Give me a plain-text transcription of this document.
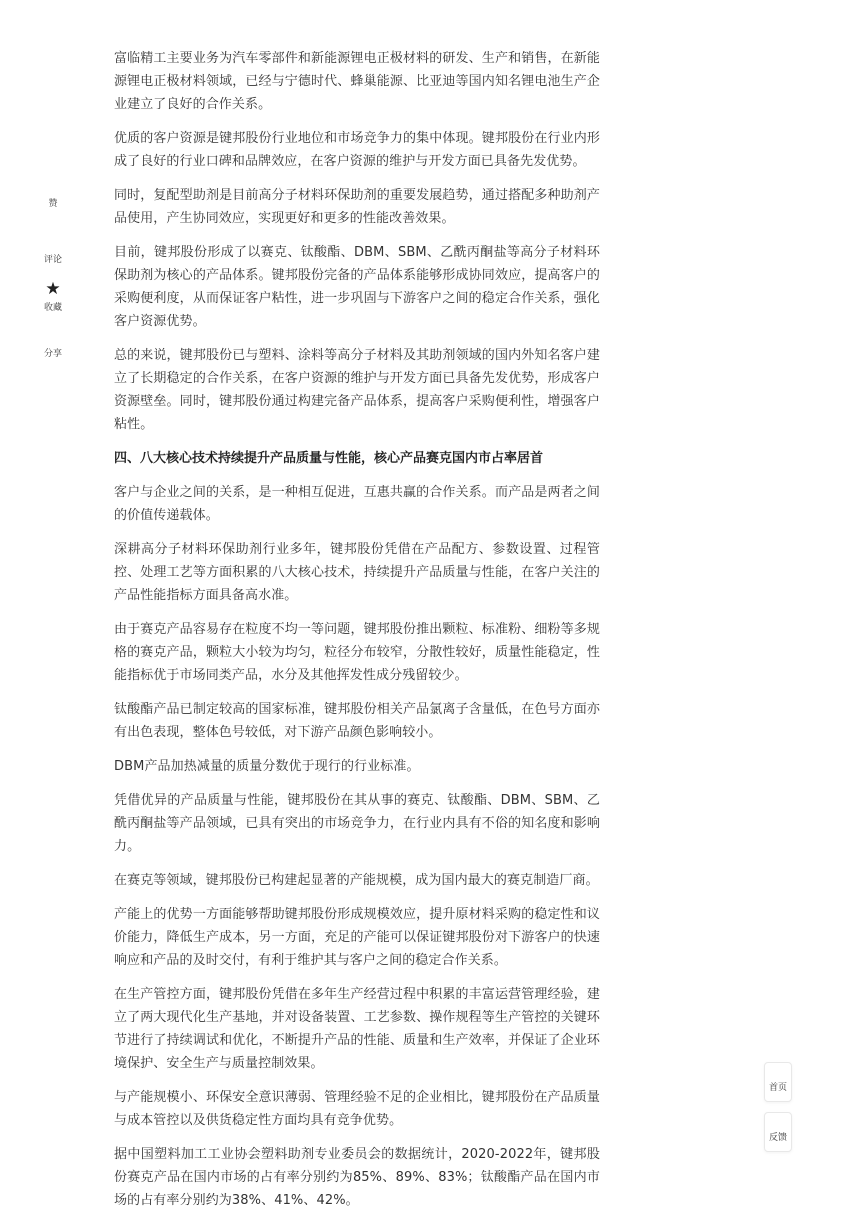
赞
评论
★
收藏
分享

富临精工主要业务为汽车零部件和新能源锂电正极材料的研发、生产和销售，在新能源锂电正极材料领域，已经与宁德时代、蜂巢能源、比亚迪等国内知名锂电池生产企业建立了良好的合作关系。

优质的客户资源是键邦股份行业地位和市场竞争力的集中体现。键邦股份在行业内形成了良好的行业口碑和品牌效应，在客户资源的维护与开发方面已具备先发优势。

同时，复配型助剂是目前高分子材料环保助剂的重要发展趋势，通过搭配多种助剂产品使用，产生协同效应，实现更好和更多的性能改善效果。

目前，键邦股份形成了以赛克、钛酸酯、DBM、SBM、乙酰丙酮盐等高分子材料环保助剂为核心的产品体系。键邦股份完备的产品体系能够形成协同效应，提高客户的采购便利度，从而保证客户粘性，进一步巩固与下游客户之间的稳定合作关系，强化客户资源优势。

总的来说，键邦股份已与塑料、涂料等高分子材料及其助剂领域的国内外知名客户建立了长期稳定的合作关系，在客户资源的维护与开发方面已具备先发优势，形成客户资源壁垒。同时，键邦股份通过构建完备产品体系，提高客户采购便利性，增强客户粘性。

四、八大核心技术持续提升产品质量与性能，核心产品赛克国内市占率居首

客户与企业之间的关系，是一种相互促进，互惠共赢的合作关系。而产品是两者之间的价值传递载体。

深耕高分子材料环保助剂行业多年，键邦股份凭借在产品配方、参数设置、过程管控、处理工艺等方面积累的八大核心技术，持续提升产品质量与性能，在客户关注的产品性能指标方面具备高水准。

由于赛克产品容易存在粒度不均一等问题，键邦股份推出颗粒、标准粉、细粉等多规格的赛克产品，颗粒大小较为均匀，粒径分布较窄，分散性较好，质量性能稳定，性能指标优于市场同类产品，水分及其他挥发性成分残留较少。

钛酸酯产品已制定较高的国家标准，键邦股份相关产品氯离子含量低，在色号方面亦有出色表现，整体色号较低，对下游产品颜色影响较小。

DBM产品加热减量的质量分数优于现行的行业标准。

凭借优异的产品质量与性能，键邦股份在其从事的赛克、钛酸酯、DBM、SBM、乙酰丙酮盐等产品领域，已具有突出的市场竞争力，在行业内具有不俗的知名度和影响力。

在赛克等领域，键邦股份已构建起显著的产能规模，成为国内最大的赛克制造厂商。

产能上的优势一方面能够帮助键邦股份形成规模效应，提升原材料采购的稳定性和议价能力，降低生产成本，另一方面，充足的产能可以保证键邦股份对下游客户的快速响应和产品的及时交付，有利于维护其与客户之间的稳定合作关系。

在生产管控方面，键邦股份凭借在多年生产经营过程中积累的丰富运营管理经验，建立了两大现代化生产基地，并对设备装置、工艺参数、操作规程等生产管控的关键环节进行了持续调试和优化，不断提升产品的性能、质量和生产效率，并保证了企业环境保护、安全生产与质量控制效果。

与产能规模小、环保安全意识薄弱、管理经验不足的企业相比，键邦股份在产品质量与成本管控以及供货稳定性方面均具有竞争优势。

据中国塑料加工工业协会塑料助剂专业委员会的数据统计，2020-2022年，键邦股份赛克产品在国内市场的占有率分别约为85%、89%、83%；钛酸酯产品在国内市场的占有率分别约为38%、41%、42%。

首页
反馈
